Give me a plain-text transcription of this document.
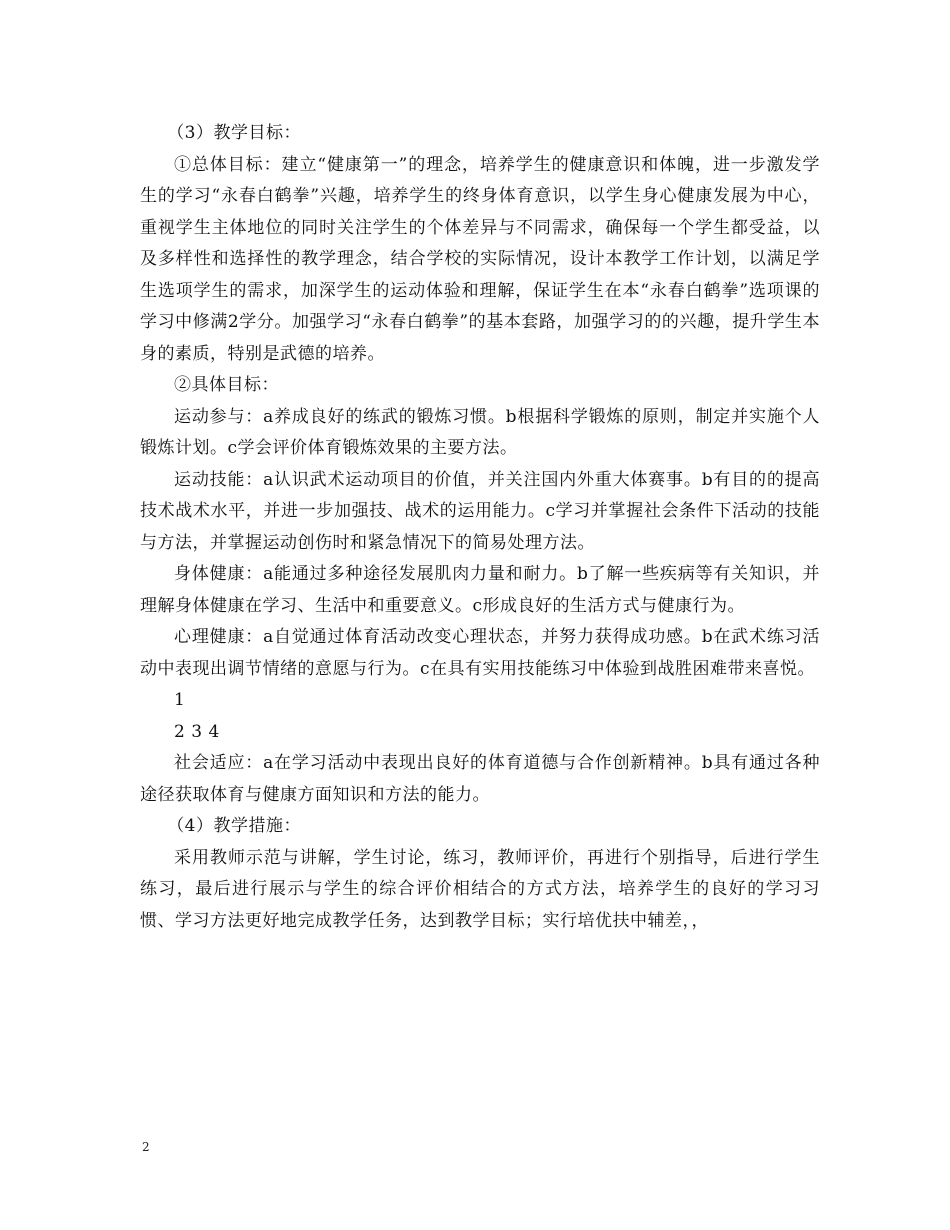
（3）教学目标：

①总体目标：建立“健康第一”的理念，培养学生的健康意识和体魄，进一步激发学生的学习“永春白鹤拳”兴趣，培养学生的终身体育意识，以学生身心健康发展为中心，重视学生主体地位的同时关注学生的个体差异与不同需求，确保每一个学生都受益，以及多样性和选择性的教学理念，结合学校的实际情况，设计本教学工作计划，以满足学生选项学生的需求，加深学生的运动体验和理解，保证学生在本“永春白鹤拳”选项课的学习中修满2学分。加强学习“永春白鹤拳”的基本套路，加强学习的的兴趣，提升学生本身的素质，特别是武德的培养。

②具体目标：

运动参与：a养成良好的练武的锻炼习惯。b根据科学锻炼的原则，制定并实施个人锻炼计划。c学会评价体育锻炼效果的主要方法。

运动技能：a认识武术运动项目的价值，并关注国内外重大体赛事。b有目的的提高技术战术水平，并进一步加强技、战术的运用能力。c学习并掌握社会条件下活动的技能与方法，并掌握运动创伤时和紧急情况下的简易处理方法。

身体健康：a能通过多种途径发展肌肉力量和耐力。b了解一些疾病等有关知识，并理解身体健康在学习、生活中和重要意义。c形成良好的生活方式与健康行为。

心理健康：a自觉通过体育活动改变心理状态，并努力获得成功感。b在武术练习活动中表现出调节情绪的意愿与行为。c在具有实用技能练习中体验到战胜困难带来喜悦。

1

2 3 4

社会适应：a在学习活动中表现出良好的体育道德与合作创新精神。b具有通过各种途径获取体育与健康方面知识和方法的能力。

（4）教学措施：

采用教师示范与讲解，学生讨论，练习，教师评价，再进行个别指导，后进行学生练习，最后进行展示与学生的综合评价相结合的方式方法，培养学生的良好的学习习惯、学习方法更好地完成教学任务，达到教学目标；实行培优扶中辅差，，

2
